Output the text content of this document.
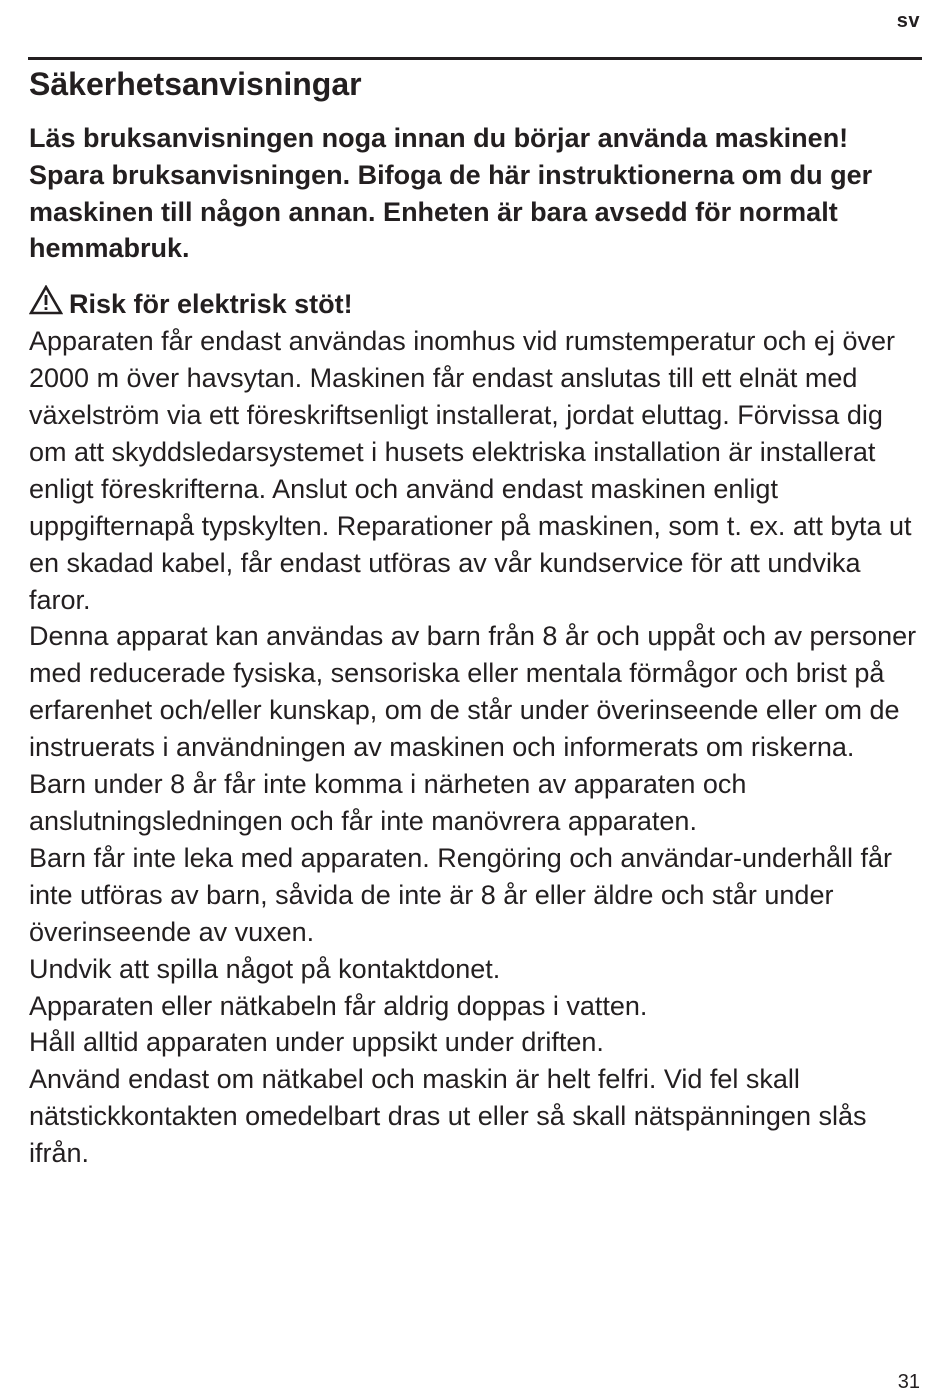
sv
Säkerhetsanvisningar

Läs bruksanvisningen noga innan du börjar använda maskinen! Spara bruksanvisningen. Bifoga de här instruktionerna om du ger maskinen till någon annan. Enheten är bara avsedd för normalt hemmabruk.

Risk för elektrisk stöt!

Apparaten får endast användas inomhus vid rumstemperatur och ej över 2000 m över havsytan. Maskinen får endast anslutas till ett elnät med växelström via ett föreskriftsenligt installerat, jordat eluttag. Förvissa dig om att skyddsledarsystemet i husets elektriska installation är installerat enligt föreskrifterna. Anslut och använd endast maskinen enligt uppgifternapå typskylten. Reparationer på maskinen, som t. ex. att byta ut en skadad kabel, får endast utföras av vår kundservice för att undvika faror.

Denna apparat kan användas av barn från 8 år och uppåt och av personer med reducerade fysiska, sensoriska eller mentala förmågor och brist på erfarenhet och/eller kunskap, om de står under överinseende eller om de instruerats i användningen av maskinen och informerats om riskerna.

Barn under 8 år får inte komma i närheten av apparaten och anslutningsledningen och får inte manövrera apparaten.

Barn får inte leka med apparaten. Rengöring och användar-underhåll får inte utföras av barn, såvida de inte är 8 år eller äldre och står under överinseende av vuxen.

Undvik att spilla något på kontaktdonet.

Apparaten eller nätkabeln får aldrig doppas i vatten.

Håll alltid apparaten under uppsikt under driften.

Använd endast om nätkabel och maskin är helt felfri. Vid fel skall nätstickkontakten omedelbart dras ut eller så skall nätspänningen slås ifrån.

31
